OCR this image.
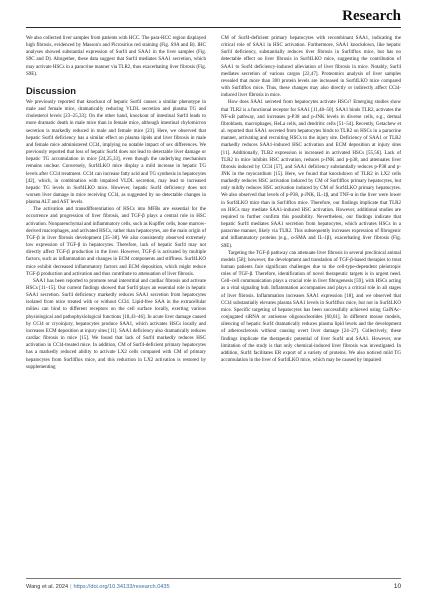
Research

We also collected liver samples from patients with HCC. The para-HCC region displayed high fibrosis, evidenced by Masson's and Picrosirius red staining (Fig. S9A and B). IHC analyses showed substantial expression of Surf4 and SAA1 in the liver samples (Fig. S9C and D). Altogether, these data suggest that Surf4 mediates SAA1 secretion, which may activate HSCs in a paracrine manner via TLR2, thus exacerbating liver fibrosis (Fig. S9E).

Discussion

We previously reported that knockout of hepatic Surf4 causes a similar phenotype in male and female mice, dramatically reducing VLDL secretion and plasma TG and cholesterol levels [23–25,33]. On the other hand, knockout of intestinal Surf4 leads to more dramatic death in male mice than in female mice, although intestinal chylomicron secretion is markedly reduced in male and female mice [23]. Here, we observed that hepatic Surf4 deficiency has a similar effect on plasma lipids and liver fibrosis in male and female mice administered CCl4, implying no notable impact of sex differences. We previously reported that loss of hepatic Surf4 does not lead to detectable liver damage or hepatic TG accumulation in mice [24,25,33], even though the underlying mechanism remains unclear. Conversely, Surf4LKO mice display a mild increase in hepatic TG levels after CCl4 treatment. CCl4 can increase fatty acid and TG synthesis in hepatocytes [42], which, in combination with impaired VLDL secretion, may lead to increased hepatic TG levels in Surf4LKO mice. However, hepatic Surf4 deficiency does not worsen liver damage in mice receiving CCl4, as suggested by no detectable changes in plasma ALT and AST levels.

The activation and transdifferentiation of HSCs into MFBs are essential for the occurrence and progression of liver fibrosis, and TGF-β plays a central role in HSC activation. Nonparenchymal and inflammatory cells, such as Kupffer cells, bone marrow-derived macrophages, and activated HSCs, rather than hepatocytes, are the main origin of TGF-β in liver fibrosis development [35–38]. We also consistently observed extremely low expression of TGF-β in hepatocytes. Therefore, lack of hepatic Surf4 may not directly affect TGF-β production in the liver. However, TGF-β is activated by multiple factors, such as inflammation and changes in ECM components and stiffness. Surf4LKO mice exhibit decreased inflammatory factors and ECM deposition, which might reduce TGF-β production and activation and thus contribute to attenuation of liver fibrosis.

SAA1 has been reported to promote renal interstitial and cardiac fibrosis and activate HSCs [11–15]. Our current findings showed that Surf4 plays an essential role in hepatic SAA1 secretion. Surf4 deficiency markedly reduces SAA1 secretion from hepatocytes isolated from mice treated with or without CCl4. Lipid-free SAA in the extracellular milieu can bind to different receptors on the cell surface locally, exerting various physiological and pathophysiological functions [18,43–46]. In acute liver damage caused by CCl4 or cryoinjury, hepatocytes produce SAA1, which activates HSCs locally and increases ECM deposition at injury sites [11]. SAA1 deficiency also dramatically reduces cardiac fibrosis in mice [15]. We found that lack of Surf4 markedly reduces HSC activation in CCl4-treated mice. In addition, CM of Surf4-deficient primary hepatocytes has a markedly reduced ability to activate LX2 cells compared with CM of primary hepatocytes from Surf4flox mice, and this reduction in LX2 activation is restored by supplementing

CM of Surf4-deficient primary hepatocytes with recombinant SAA1, indicating the critical role of SAA1 in HSC activation. Furthermore, SAA1 knockdown, like hepatic Surf4 deficiency, substantially reduces liver fibrosis in Surf4flox mice, but has no detectable effect on liver fibrosis in Surf4LKO mice, suggesting the contribution of SAA1 to Surf4 deficiency-induced alleviation of liver fibrosis in mice. Notably, Surf4 mediates secretion of various cargos [22,47]. Proteomics analysis of liver samples revealed that more than 300 protein levels are increased in Surf4LKO mice compared with Surf4flox mice. Thus, these changes may also directly or indirectly affect CCl4-induced liver fibrosis in mice.

How does SAA1 secreted from hepatocytes activate HSCs? Emerging studies show that TLR2 is a functional receptor for SAA1 [11,48–50]. SAA1 binds TLR2, activates the NF-κB pathway, and increases p-P38 and p-JNK levels in diverse cells, e.g., dermal fibroblasts, macrophages, HeLa cells, and dendritic cells [51–54]. Recently, Getachew et al. reported that SAA1 secreted from hepatocytes binds to TLR2 on HSCs in a paracrine manner, activating and recruiting HSCs to the injury site. Deficiency of SAA1 or TLR2 markedly reduces SAA1-induced HSC activation and ECM deposition at injury sites [11]. Additionally, TLR2 expression is increased in activated HSCs [55,56]. Lack of TLR2 in mice inhibits HSC activation, reduces p-JNK and p-p38, and attenuates liver fibrosis induced by CCl4 [57], and SAA1 deficiency substantially reduces p-P38 and p-JNK in the myocardium [15]. Here, we found that knockdown of TLR2 in LX2 cells markedly reduces HSC activation induced by CM of Surf4flox primary hepatocytes, but only mildly reduces HSC activation induced by CM of Surf4LKO primary hepatocytes. We also observed that levels of p-P38, p-JNK, IL-1β, and TNF-α in the liver were lower in Surf4LKO mice than in Surf4flox mice. Therefore, our findings implicate that TLR2 on HSCs may mediate SAA1-induced HSC activation. However, additional studies are required to further confirm this possibility. Nevertheless, our findings indicate that hepatic Surf4 mediates SAA1 secretion from hepatocytes, which activates HSCs in a paracrine manner, likely via TLR2. This subsequently increases expression of fibrogenic and inflammatory proteins (e.g., α-SMA and IL-1β), exacerbating liver fibrosis (Fig. S9E).

Targeting the TGF-β pathway can attenuate liver fibrosis in several preclinical animal models [58]; however, the development and translation of TGF-β-based therapies to treat human patients face significant challenges due to the cell-type-dependent pleiotropic roles of TGF-β. Therefore, identification of novel therapeutic targets is in urgent need. Cell–cell communication plays a crucial role in liver fibrogenesis [59], with HSCs acting as a vital signaling hub. Inflammation accompanies and plays a critical role in all stages of liver fibrosis. Inflammation increases SAA1 expression [18], and we observed that CCl4 substantially elevates plasma SAA1 levels in Surf4flox mice, but not in Surf4LKO mice. Specific targeting of hepatocytes has been successfully achieved using GalNAc-conjugated siRNA or antisense oligonucleotides [60,61]. In different mouse models, silencing of hepatic Surf4 dramatically reduces plasma lipid levels and the development of atherosclerosis without causing overt liver damage [24–27]. Collectively, these findings implicate the therapeutic potential of liver Surf4 and SAA1. However, one limitation of the study is that only chemical-induced liver fibrosis was investigated. In addition, Surf4 facilitates ER export of a variety of proteins. We also noticed mild TG accumulation in the liver of Surf4LKO mice, which may be caused by impaired

Wang et al. 2024 | https://doi.org/10.34133/research.0435	10
